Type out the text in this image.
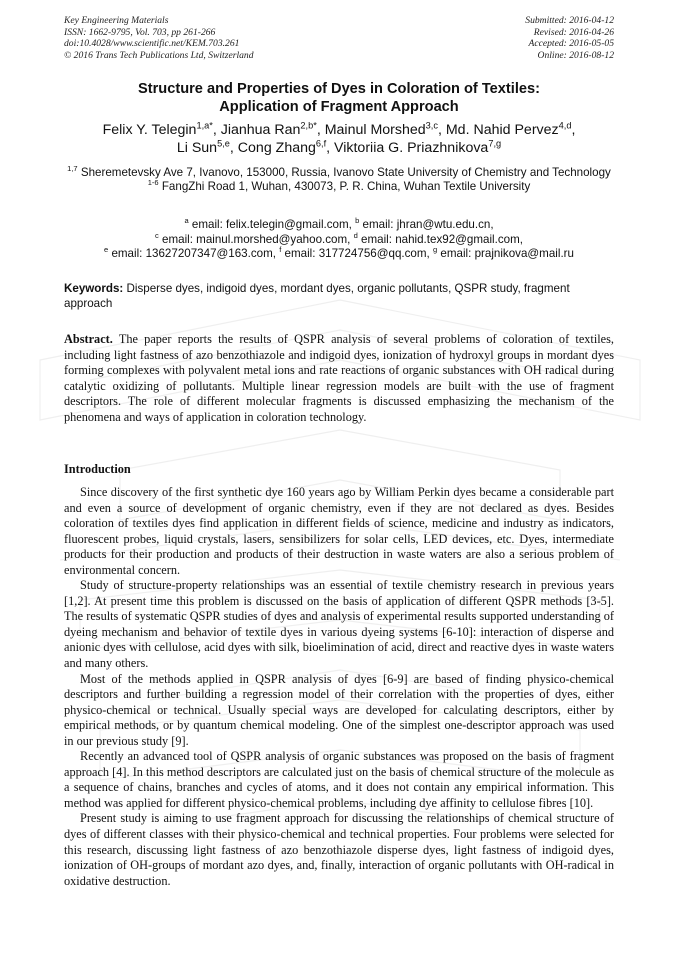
Key Engineering Materials
ISSN: 1662-9795, Vol. 703, pp 261-266
doi:10.4028/www.scientific.net/KEM.703.261
© 2016 Trans Tech Publications Ltd, Switzerland
Submitted: 2016-04-12
Revised: 2016-04-26
Accepted: 2016-05-05
Online: 2016-08-12
Structure and Properties of Dyes in Coloration of Textiles:
Application of Fragment Approach
Felix Y. Telegin$^{1,a*}$, Jianhua Ran$^{2,b*}$, Mainul Morshed$^{3,c}$, Md. Nahid Pervez$^{4,d}$,
Li Sun$^{5,e}$, Cong Zhang$^{6,f}$, Viktoriia G. Priazhnikova$^{7,g}$
$^{1,7}$ Sheremetevsky Ave 7, Ivanovo, 153000, Russia, Ivanovo State University of Chemistry and Technology
$^{1-6}$ FangZhi Road 1, Wuhan, 430073, P. R. China, Wuhan Textile University
$^a$ email: felix.telegin@gmail.com, $^b$ email: jhran@wtu.edu.cn,
$^c$ email: mainul.morshed@yahoo.com, $^d$ email: nahid.tex92@gmail.com,
$^e$ email: 13627207347@163.com, $^f$ email: 317724756@qq.com, $^g$ email: prajnikova@mail.ru
Keywords: Disperse dyes, indigoid dyes, mordant dyes, organic pollutants, QSPR study, fragment approach
Abstract. The paper reports the results of QSPR analysis of several problems of coloration of textiles, including light fastness of azo benzothiazole and indigoid dyes, ionization of hydroxyl groups in mordant dyes forming complexes with polyvalent metal ions and rate reactions of organic substances with OH radical during catalytic oxidizing of pollutants. Multiple linear regression models are built with the use of fragment descriptors. The role of different molecular fragments is discussed emphasizing the mechanism of the phenomena and ways of application in coloration technology.
Introduction

Since discovery of the first synthetic dye 160 years ago by William Perkin dyes became a considerable part and even a source of development of organic chemistry, even if they are not declared as dyes. Besides coloration of textiles dyes find application in different fields of science, medicine and industry as indicators, fluorescent probes, liquid crystals, lasers, sensibilizers for solar cells, LED devices, etc. Dyes, intermediate products for their production and products of their destruction in waste waters are also a serious problem of environmental concern.

Study of structure-property relationships was an essential of textile chemistry research in previous years [1,2]. At present time this problem is discussed on the basis of application of different QSPR methods [3-5]. The results of systematic QSPR studies of dyes and analysis of experimental results supported understanding of dyeing mechanism and behavior of textile dyes in various dyeing systems [6-10]: interaction of disperse and anionic dyes with cellulose, acid dyes with silk, bioelimination of acid, direct and reactive dyes in waste waters and many others.

Most of the methods applied in QSPR analysis of dyes [6-9] are based of finding physico-chemical descriptors and further building a regression model of their correlation with the properties of dyes, either physico-chemical or technical. Usually special ways are developed for calculating descriptors, either by empirical methods, or by quantum chemical modeling. One of the simplest one-descriptor approach was used in our previous study [9].

Recently an advanced tool of QSPR analysis of organic substances was proposed on the basis of fragment approach [4]. In this method descriptors are calculated just on the basis of chemical structure of the molecule as a sequence of chains, branches and cycles of atoms, and it does not contain any empirical information. This method was applied for different physico-chemical problems, including dye affinity to cellulose fibres [10].

Present study is aiming to use fragment approach for discussing the relationships of chemical structure of dyes of different classes with their physico-chemical and technical properties. Four problems were selected for this research, discussing light fastness of azo benzothiazole disperse dyes, light fastness of indigoid dyes, ionization of OH-groups of mordant azo dyes, and, finally, interaction of organic pollutants with OH-radical in oxidative destruction.
